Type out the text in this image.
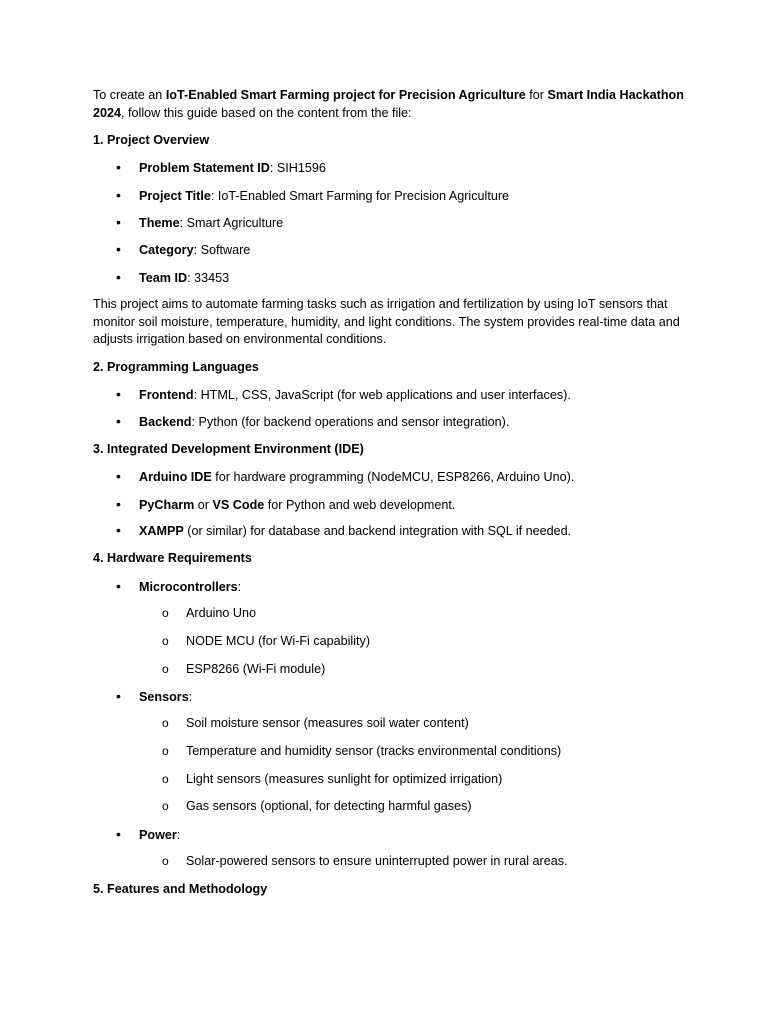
To create an IoT-Enabled Smart Farming project for Precision Agriculture for Smart India Hackathon 2024, follow this guide based on the content from the file:
1. Project Overview
• Problem Statement ID: SIH1596
• Project Title: IoT-Enabled Smart Farming for Precision Agriculture
• Theme: Smart Agriculture
• Category: Software
• Team ID: 33453
This project aims to automate farming tasks such as irrigation and fertilization by using IoT sensors that monitor soil moisture, temperature, humidity, and light conditions. The system provides real-time data and adjusts irrigation based on environmental conditions.
2. Programming Languages
• Frontend: HTML, CSS, JavaScript (for web applications and user interfaces).
• Backend: Python (for backend operations and sensor integration).
3. Integrated Development Environment (IDE)
• Arduino IDE for hardware programming (NodeMCU, ESP8266, Arduino Uno).
• PyCharm or VS Code for Python and web development.
• XAMPP (or similar) for database and backend integration with SQL if needed.
4. Hardware Requirements
• Microcontrollers:
o Arduino Uno
o NODE MCU (for Wi-Fi capability)
o ESP8266 (Wi-Fi module)
• Sensors:
o Soil moisture sensor (measures soil water content)
o Temperature and humidity sensor (tracks environmental conditions)
o Light sensors (measures sunlight for optimized irrigation)
o Gas sensors (optional, for detecting harmful gases)
• Power:
o Solar-powered sensors to ensure uninterrupted power in rural areas.
5. Features and Methodology
